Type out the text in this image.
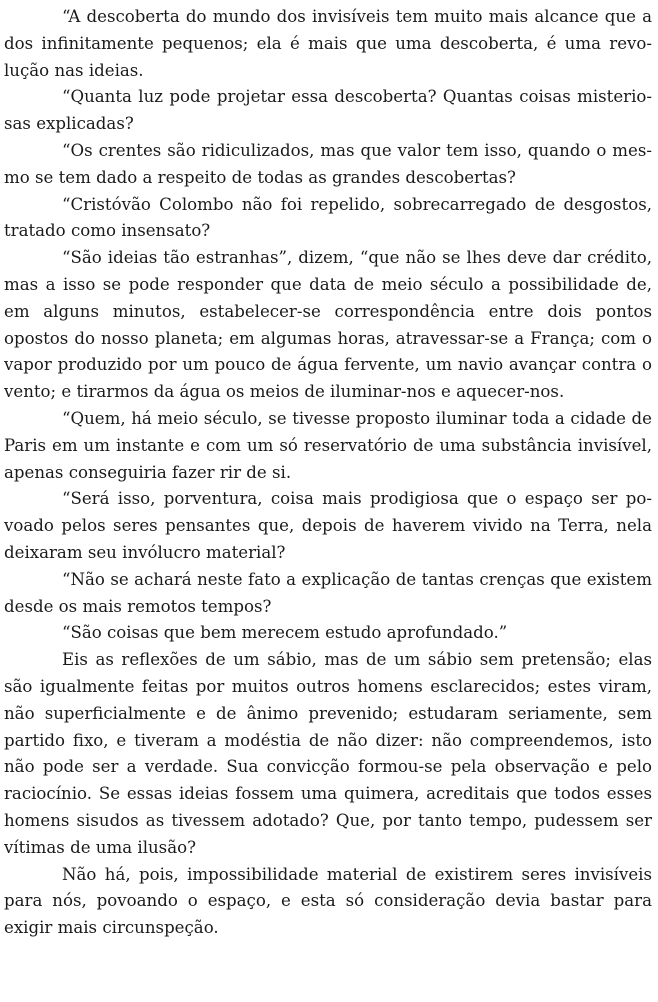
“A descoberta do mundo dos invisíveis tem muito mais alcance que a dos infinitamente pequenos; ela é mais que uma descoberta, é uma revolução nas ideias.

“Quanta luz pode projetar essa descoberta? Quantas coisas misteriosas explicadas?

“Os crentes são ridiculizados, mas que valor tem isso, quando o mesmo se tem dado a respeito de todas as grandes descobertas?

“Cristóvão Colombo não foi repelido, sobrecarregado de desgostos, tratado como insensato?

“São ideias tão estranhas”, dizem, “que não se lhes deve dar crédito, mas a isso se pode responder que data de meio século a possibilidade de, em alguns minutos, estabelecer-se correspondência entre dois pontos opostos do nosso planeta; em algumas horas, atravessar-se a França; com o vapor produzido por um pouco de água fervente, um navio avançar contra o vento; e tirarmos da água os meios de iluminar-nos e aquecer-nos.

“Quem, há meio século, se tivesse proposto iluminar toda a cidade de Paris em um instante e com um só reservatório de uma substância invisível, apenas conseguiria fazer rir de si.

“Será isso, porventura, coisa mais prodigiosa que o espaço ser povoado pelos seres pensantes que, depois de haverem vivido na Terra, nela deixaram seu invólucro material?

“Não se achará neste fato a explicação de tantas crenças que existem desde os mais remotos tempos?

“São coisas que bem merecem estudo aprofundado.”

Eis as reflexões de um sábio, mas de um sábio sem pretensão; elas são igualmente feitas por muitos outros homens esclarecidos; estes viram, não superficialmente e de ânimo prevenido; estudaram seriamente, sem partido fixo, e tiveram a modéstia de não dizer: não compreendemos, isto não pode ser a verdade. Sua convicção formou-se pela observação e pelo raciocínio. Se essas ideias fossem uma quimera, acreditais que todos esses homens sisudos as tivessem adotado? Que, por tanto tempo, pudessem ser vítimas de uma ilusão?

Não há, pois, impossibilidade material de existirem seres invisíveis para nós, povoando o espaço, e esta só consideração devia bastar para exigir mais circunspeção.
